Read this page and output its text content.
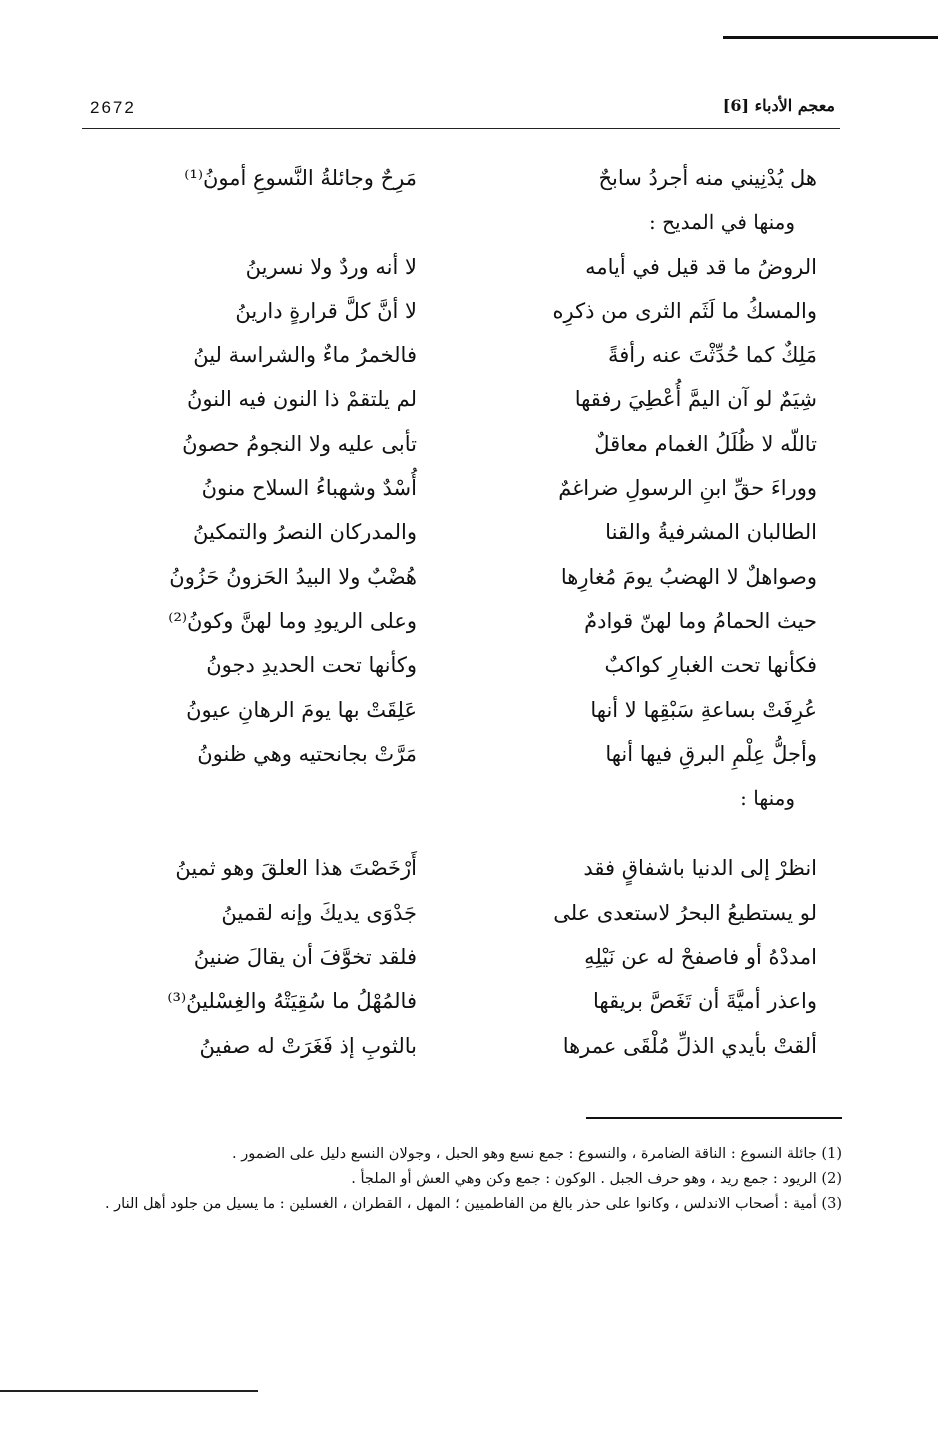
2672	معجم الأدباء [6]
هل يُدْنِيني منه أجردُ سابحٌ
مَرِحٌ وجائلةُ النَّسوعِ أمونُ⁽¹⁾
ومنها في المديح :
الروضُ ما قد قيل في أيامه
لا أنه وردٌ ولا نسرينُ
والمسكُ ما لَثَم الثرى من ذكرِه
لا أنَّ كلَّ قرارةٍ دارينُ
مَلِكٌ كما حُدِّثْتَ عنه رأفةً
فالخمرُ ماءٌ والشراسة لينُ
شِيَمٌ لو آن اليمَّ أُعْطِيَ رفقها
لم يلتقمْ ذا النون فيه النونُ
تاللّه لا ظُلَلُ الغمام معاقلٌ
تأبى عليه ولا النجومُ حصونُ
ووراءَ حقِّ ابنِ الرسولِ ضراغمٌ
أُسْدٌ وشهباءُ السلاح منونُ
الطالبان المشرفيةُ والقنا
والمدركان النصرُ والتمكينُ
وصواهلٌ لا الهضبُ يومَ مُغارِها
هُضْبٌ ولا البيدُ الحَزونُ حَزُونُ
حيث الحمامُ وما لهنّ قوادمٌ
وعلى الريودِ وما لهنَّ وكونُ⁽²⁾
فكأنها تحت الغبارِ كواكبٌ
وكأنها تحت الحديدِ دجونُ
عُرِفَتْ بساعةِ سَبْقِها لا أنها
عَلِقَتْ بها يومَ الرهانِ عيونُ
وأجلُّ عِلْمِ البرقِ فيها أنها
مَرَّتْ بجانحتيه وهي ظنونُ
ومنها :
انظرْ إلى الدنيا باشفاقٍ فقد
أَرْخَصْتَ هذا العلقَ وهو ثمينُ
لو يستطيعُ البحرُ لاستعدى على
جَدْوَى يديكَ وإنه لقمينُ
امددْهُ أو فاصفحْ له عن نَيْلِهِ
فلقد تخوَّفَ أن يقالَ ضنينُ
واعذر أميَّةَ أن تَغَصَّ بريقها
فالمُهْلُ ما سُقِيَتْهُ والغِسْلينُ⁽³⁾
ألقتْ بأيدي الذلِّ مُلْقَى عمرها
بالثوبِ إذ فَغَرَتْ له صفينُ

(1) جائلة النسوع : الناقة الضامرة ، والنسوع : جمع نسع وهو الحبل ، وجولان النسع دليل على الضمور .

(2) الريود : جمع ريد ، وهو حرف الجبل . الوكون : جمع وكن وهي العش أو الملجأ .

(3) أمية : أصحاب الاندلس ، وكانوا على حذر بالغ من الفاطميين ؛ المهل ، القطران ، الغسلين : ما يسيل من جلود أهل النار .
